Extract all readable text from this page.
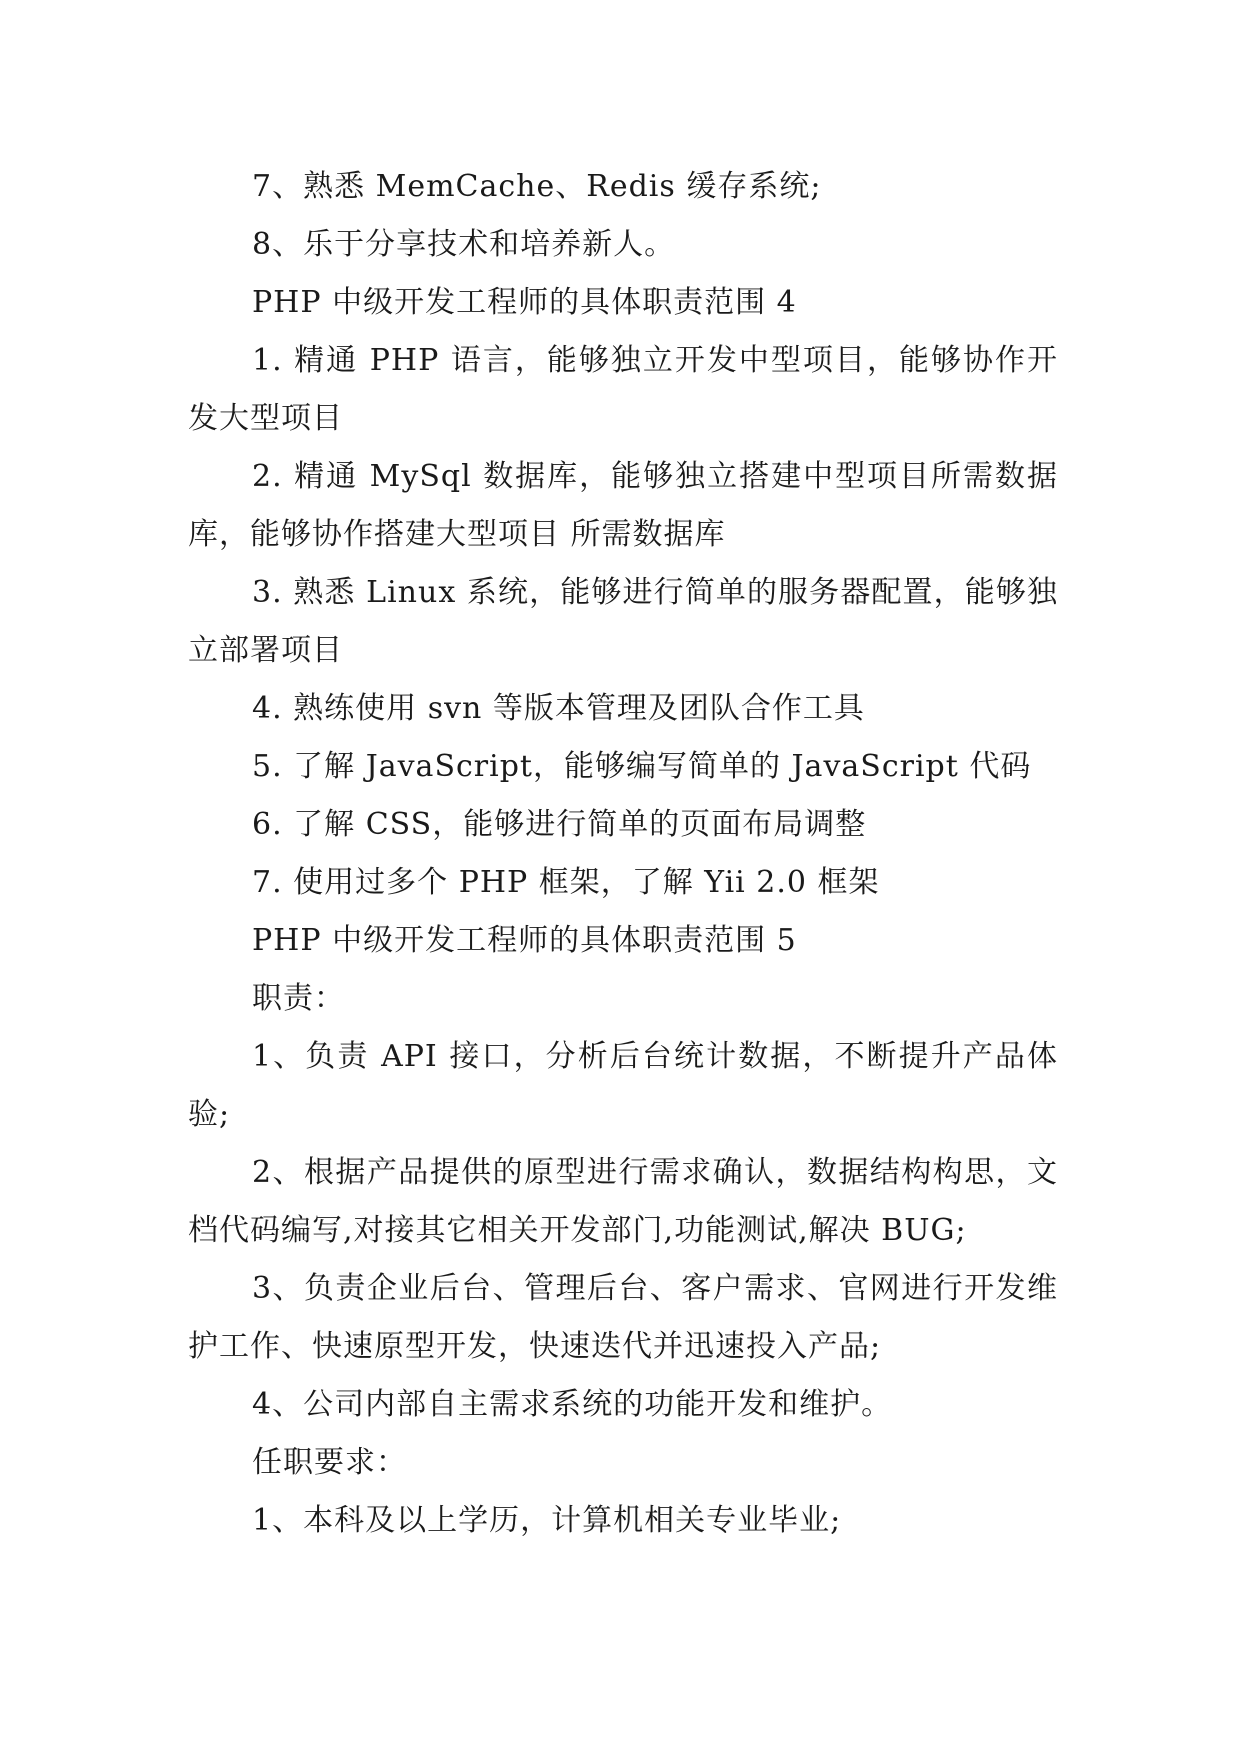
7、熟悉 MemCache、Redis 缓存系统;

8、乐于分享技术和培养新人。

PHP 中级开发工程师的具体职责范围 4

1. 精通 PHP 语言，能够独立开发中型项目，能够协作开发大型项目

2. 精通 MySql 数据库，能够独立搭建中型项目所需数据库，能够协作搭建大型项目 所需数据库

3. 熟悉 Linux 系统，能够进行简单的服务器配置，能够独立部署项目

4. 熟练使用 svn 等版本管理及团队合作工具

5. 了解 JavaScript，能够编写简单的 JavaScript 代码

6. 了解 CSS，能够进行简单的页面布局调整

7. 使用过多个 PHP 框架，了解 Yii 2.0 框架

PHP 中级开发工程师的具体职责范围 5

职责：

1、负责 API 接口，分析后台统计数据，不断提升产品体验;

2、根据产品提供的原型进行需求确认，数据结构构思，文档代码编写,对接其它相关开发部门,功能测试,解决 BUG;

3、负责企业后台、管理后台、客户需求、官网进行开发维护工作、快速原型开发，快速迭代并迅速投入产品;

4、公司内部自主需求系统的功能开发和维护。

任职要求：

1、本科及以上学历，计算机相关专业毕业;
